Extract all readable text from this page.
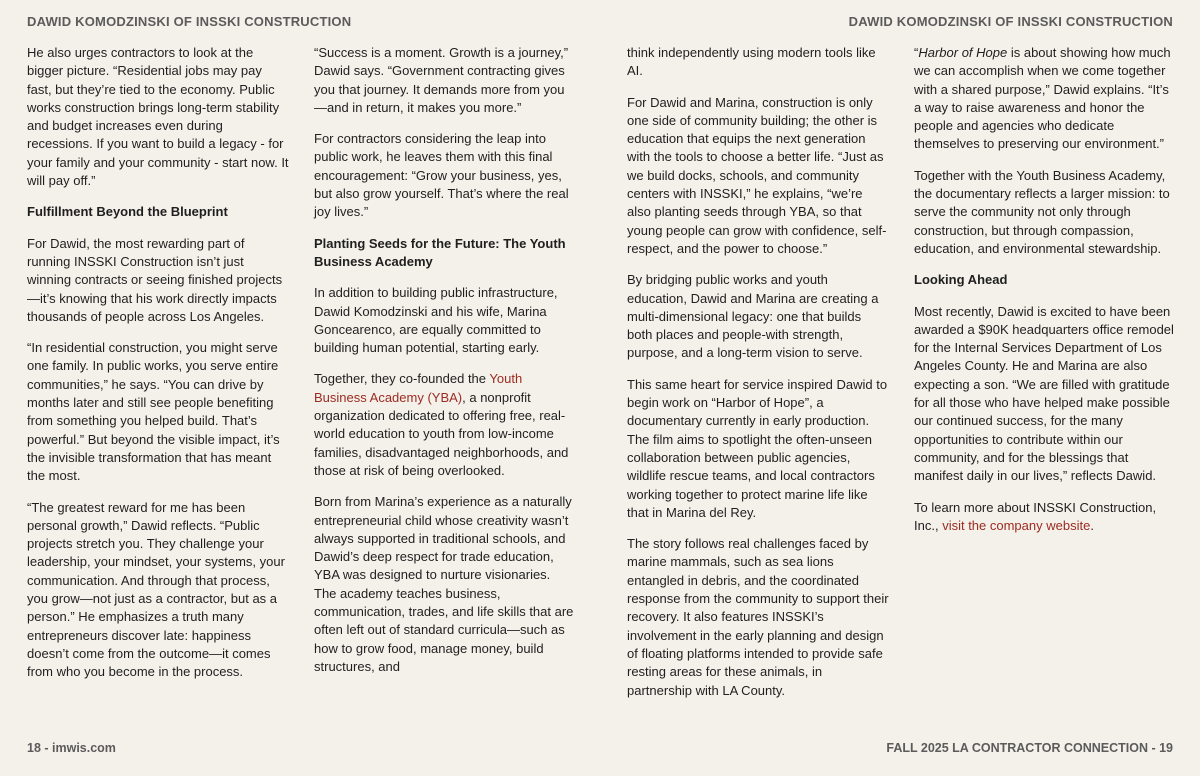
DAWID KOMODZINSKI OF INSSKI CONSTRUCTION	DAWID KOMODZINSKI OF INSSKI CONSTRUCTION

He also urges contractors to look at the bigger picture. “Residential jobs may pay fast, but they’re tied to the economy. Public works construction brings long-term stability and budget increases even during recessions. If you want to build a legacy - for your family and your community - start now. It will pay off.”

Fulfillment Beyond the Blueprint

For Dawid, the most rewarding part of running INSSKI Construction isn’t just winning contracts or seeing finished projects—it’s knowing that his work directly impacts thousands of people across Los Angeles.

“In residential construction, you might serve one family. In public works, you serve entire communities,” he says. “You can drive by months later and still see people benefiting from something you helped build. That’s powerful.” But beyond the visible impact, it’s the invisible transformation that has meant the most.

“The greatest reward for me has been personal growth,” Dawid reflects. “Public projects stretch you. They challenge your leadership, your mindset, your systems, your communication. And through that process, you grow—not just as a contractor, but as a person.” He emphasizes a truth many entrepreneurs discover late: happiness doesn’t come from the outcome—it comes from who you become in the process.

“Success is a moment. Growth is a journey,” Dawid says. “Government contracting gives you that journey. It demands more from you—and in return, it makes you more.”

For contractors considering the leap into public work, he leaves them with this final encouragement: “Grow your business, yes, but also grow yourself. That’s where the real joy lives.”

Planting Seeds for the Future: The Youth Business Academy

In addition to building public infrastructure, Dawid Komodzinski and his wife, Marina Goncearenco, are equally committed to building human potential, starting early.

Together, they co-founded the Youth Business Academy (YBA), a nonprofit organization dedicated to offering free, real-world education to youth from low-income families, disadvantaged neighborhoods, and those at risk of being overlooked.

Born from Marina’s experience as a naturally entrepreneurial child whose creativity wasn’t always supported in traditional schools, and Dawid’s deep respect for trade education, YBA was designed to nurture visionaries. The academy teaches business, communication, trades, and life skills that are often left out of standard curricula—such as how to grow food, manage money, build structures, and

think independently using modern tools like AI.

For Dawid and Marina, construction is only one side of community building; the other is education that equips the next generation with the tools to choose a better life. “Just as we build docks, schools, and community centers with INSSKI,” he explains, “we’re also planting seeds through YBA, so that young people can grow with confidence, self-respect, and the power to choose.”

By bridging public works and youth education, Dawid and Marina are creating a multi-dimensional legacy: one that builds both places and people-with strength, purpose, and a long-term vision to serve.

This same heart for service inspired Dawid to begin work on “Harbor of Hope”, a documentary currently in early production. The film aims to spotlight the often-unseen collaboration between public agencies, wildlife rescue teams, and local contractors working together to protect marine life like that in Marina del Rey.

The story follows real challenges faced by marine mammals, such as sea lions entangled in debris, and the coordinated response from the community to support their recovery. It also features INSSKI’s involvement in the early planning and design of floating platforms intended to provide safe resting areas for these animals, in partnership with LA County.

“Harbor of Hope is about showing how much we can accomplish when we come together with a shared purpose,” Dawid explains. “It’s a way to raise awareness and honor the people and agencies who dedicate themselves to preserving our environment.”

Together with the Youth Business Academy, the documentary reflects a larger mission: to serve the community not only through construction, but through compassion, education, and environmental stewardship.

Looking Ahead

Most recently, Dawid is excited to have been awarded a $90K headquarters office remodel for the Internal Services Department of Los Angeles County. He and Marina are also expecting a son. “We are filled with gratitude for all those who have helped make possible our continued success, for the many opportunities to contribute within our community, and for the blessings that manifest daily in our lives,” reflects Dawid.

To learn more about INSSKI Construction, Inc., visit the company website.

18 - imwis.com	FALL 2025 LA CONTRACTOR CONNECTION - 19
